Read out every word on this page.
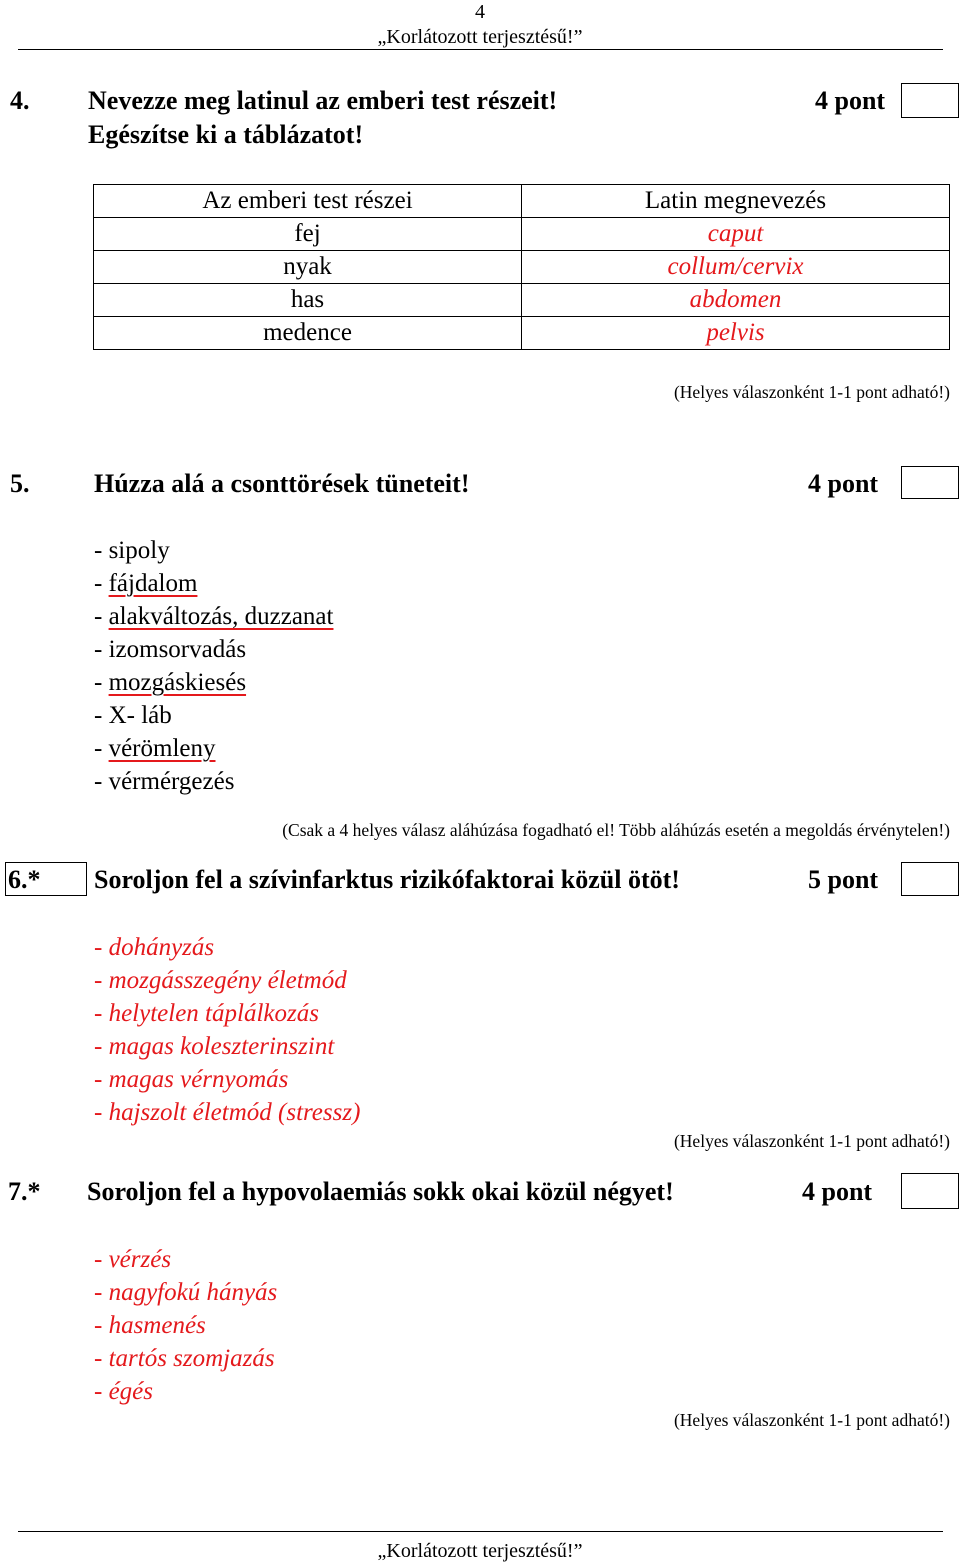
4
„Korlátozott terjesztésű!”
4. Nevezze meg latinul az emberi test részeit!	4 pont
Egészítse ki a táblázatot!
Az emberi test részei	Latin megnevezés
fej	caput
nyak	collum/cervix
has	abdomen
medence	pelvis
(Helyes válaszonként 1-1 pont adható!)
5. Húzza alá a csonttörések tüneteit!	4 pont
- sipoly
- fájdalom
- alakváltozás, duzzanat
- izomsorvadás
- mozgáskiesés
- X- láb
- vérömleny
- vérmérgezés
(Csak a 4 helyes válasz aláhúzása fogadható el! Több aláhúzás esetén a megoldás érvénytelen!)
6.* Soroljon fel a szívinfarktus rizikófaktorai közül ötöt!	5 pont
- dohányzás
- mozgásszegény életmód
- helytelen táplálkozás
- magas koleszterinszint
- magas vérnyomás
- hajszolt életmód (stressz)
(Helyes válaszonként 1-1 pont adható!)
7.* Soroljon fel a hypovolaemiás sokk okai közül négyet!	4 pont
- vérzés
- nagyfokú hányás
- hasmenés
- tartós szomjazás
- égés
(Helyes válaszonként 1-1 pont adható!)
„Korlátozott terjesztésű!”
